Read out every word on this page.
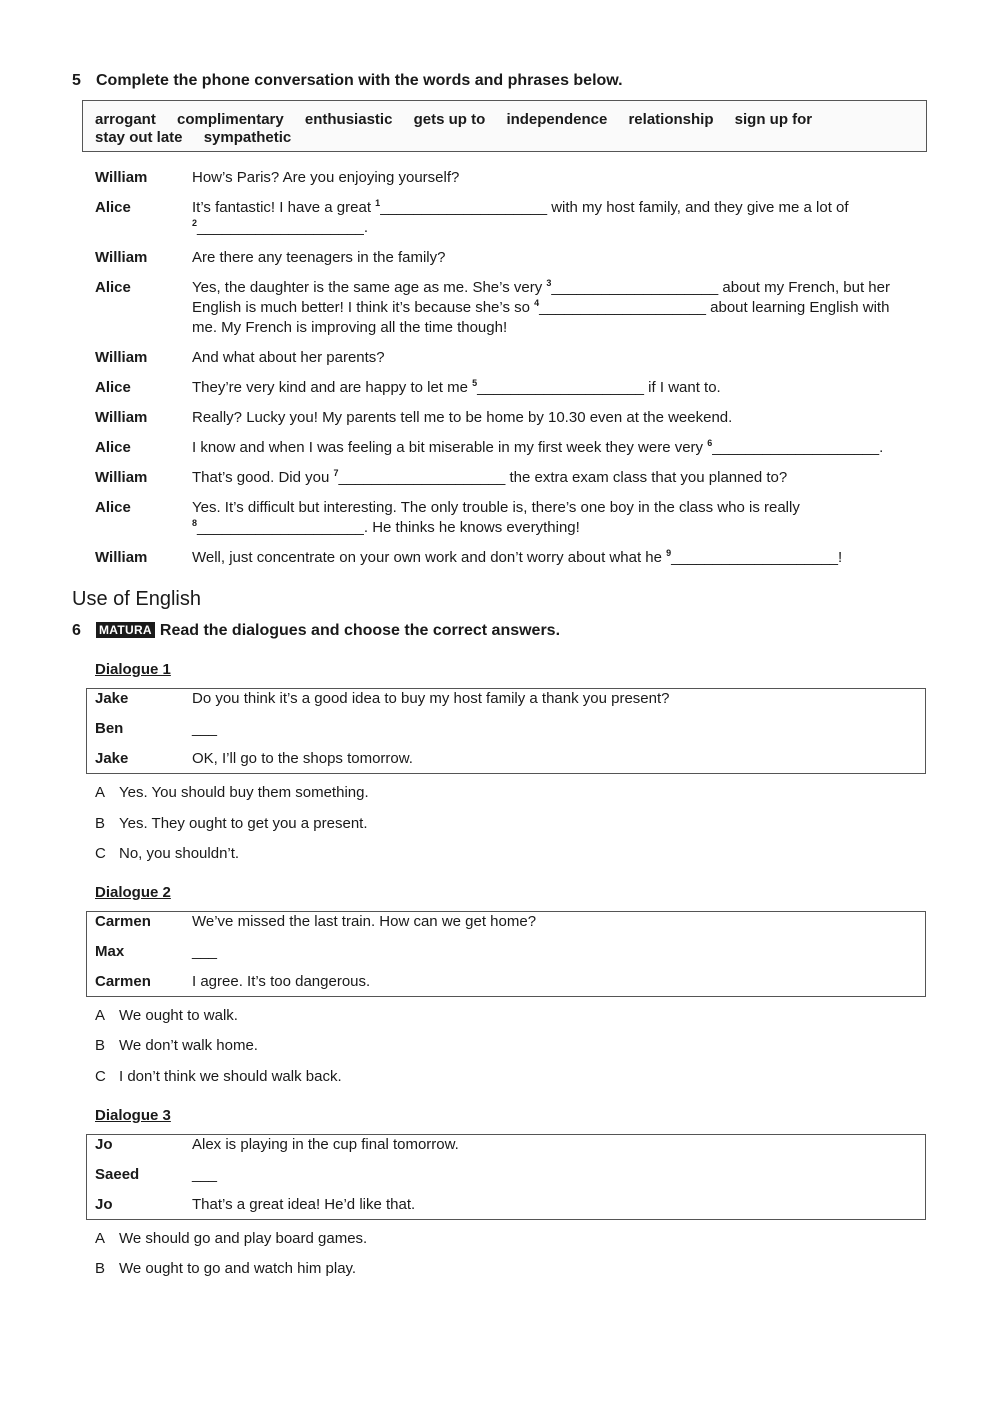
5 Complete the phone conversation with the words and phrases below.
arrogant complimentary enthusiastic gets up to independence relationship sign up for
stay out late sympathetic
William	How’s Paris? Are you enjoying yourself?
Alice	It’s fantastic! I have a great $^1$____________________ with my host family, and they give me a lot of
$^2$____________________.
William	Are there any teenagers in the family?
Alice	Yes, the daughter is the same age as me. She’s very $^3$____________________ about my French, but her English is much better! I think it’s because she’s so $^4$____________________ about learning English with me. My French is improving all the time though!
William	And what about her parents?
Alice	They’re very kind and are happy to let me $^5$____________________ if I want to.
William	Really? Lucky you! My parents tell me to be home by 10.30 even at the weekend.
Alice	I know and when I was feeling a bit miserable in my first week they were very $^6$____________________.
William	That’s good. Did you $^7$____________________ the extra exam class that you planned to?
Alice	Yes. It’s difficult but interesting. The only trouble is, there’s one boy in the class who is really
$^8$____________________. He thinks he knows everything!
William	Well, just concentrate on your own work and don’t worry about what he $^9$____________________!
Use of English
6 MATURA Read the dialogues and choose the correct answers.
Dialogue 1
Jake	Do you think it’s a good idea to buy my host family a thank you present?
Ben	___
Jake	OK, I’ll go to the shops tomorrow.
A Yes. You should buy them something.
B Yes. They ought to get you a present.
C No, you shouldn’t.
Dialogue 2
Carmen	We’ve missed the last train. How can we get home?
Max	___
Carmen	I agree. It’s too dangerous.
A We ought to walk.
B We don’t walk home.
C I don’t think we should walk back.
Dialogue 3
Jo	Alex is playing in the cup final tomorrow.
Saeed	___
Jo	That’s a great idea! He’d like that.
A We should go and play board games.
B We ought to go and watch him play.
